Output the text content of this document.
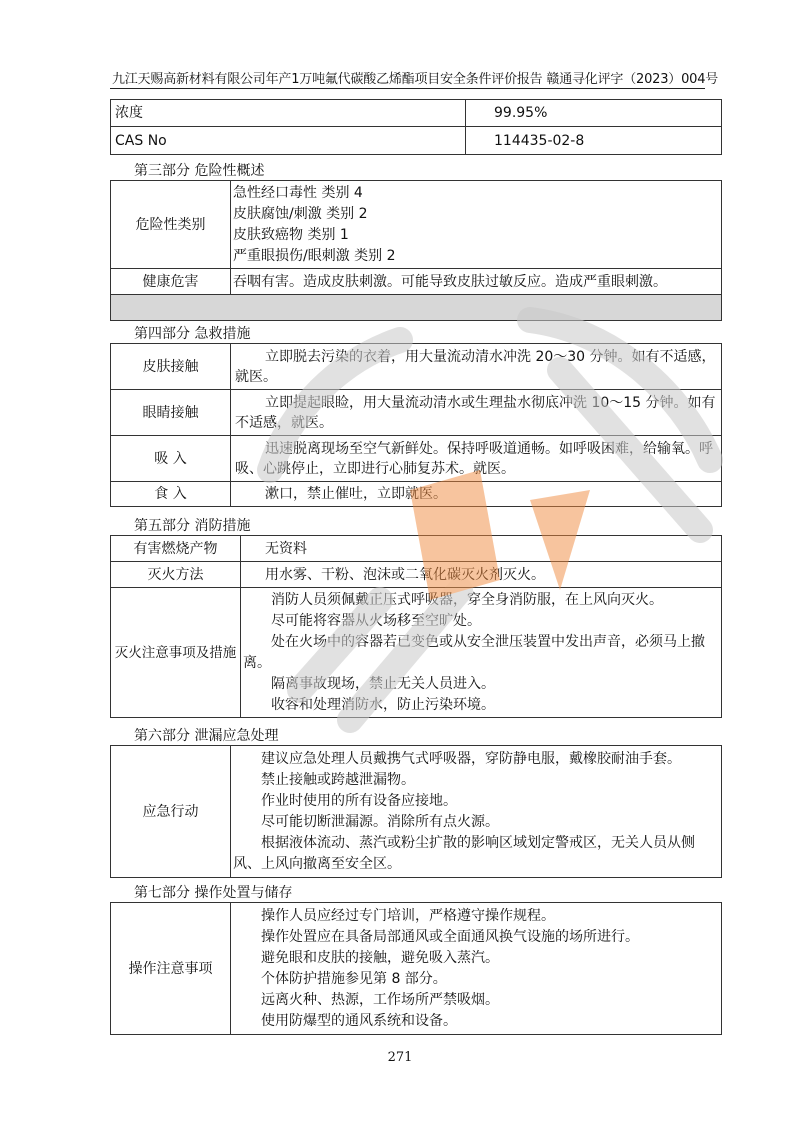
九江天赐高新材料有限公司年产1万吨氟代碳酸乙烯酯项目安全条件评价报告 赣通寻化评字（2023）004号
浓度	99.95%
CAS No	114435-02-8
第三部分 危险性概述
危险性类别	急性经口毒性 类别 4
皮肤腐蚀/刺激 类别 2
皮肤致癌物 类别 1
严重眼损伤/眼刺激 类别 2

健康危害	吞咽有害。造成皮肤刺激。可能导致皮肤过敏反应。造成严重眼刺激。

第四部分 急救措施
皮肤接触	立即脱去污染的衣着，用大量流动清水冲洗 20～30 分钟。如有不适感，就医。
眼睛接触	立即提起眼睑，用大量流动清水或生理盐水彻底冲洗 10～15 分钟。如有不适感，就医。
吸 入	迅速脱离现场至空气新鲜处。保持呼吸道通畅。如呼吸困难，给输氧。呼吸、心跳停止，立即进行心肺复苏术。就医。
食 入	漱口，禁止催吐，立即就医。
第五部分 消防措施
有害燃烧产物	无资料
灭火方法	用水雾、干粉、泡沫或二氧化碳灭火剂灭火。
灭火注意事项及措施	消防人员须佩戴正压式呼吸器，穿全身消防服，在上风向灭火。
尽可能将容器从火场移至空旷处。
处在火场中的容器若已变色或从安全泄压装置中发出声音，必须马上撤离。
隔离事故现场，禁止无关人员进入。
收容和处理消防水，防止污染环境。
第六部分 泄漏应急处理
应急行动	
建议应急处理人员戴携气式呼吸器，穿防静电服，戴橡胶耐油手套。
禁止接触或跨越泄漏物。
作业时使用的所有设备应接地。
尽可能切断泄漏源。消除所有点火源。
根据液体流动、蒸汽或粉尘扩散的影响区域划定警戒区，无关人员从侧风、上风向撤离至安全区。
第七部分 操作处置与储存
操作注意事项	
操作人员应经过专门培训，严格遵守操作规程。
操作处置应在具备局部通风或全面通风换气设施的场所进行。
避免眼和皮肤的接触，避免吸入蒸汽。
个体防护措施参见第 8 部分。
远离火种、热源，工作场所严禁吸烟。
使用防爆型的通风系统和设备。
271
